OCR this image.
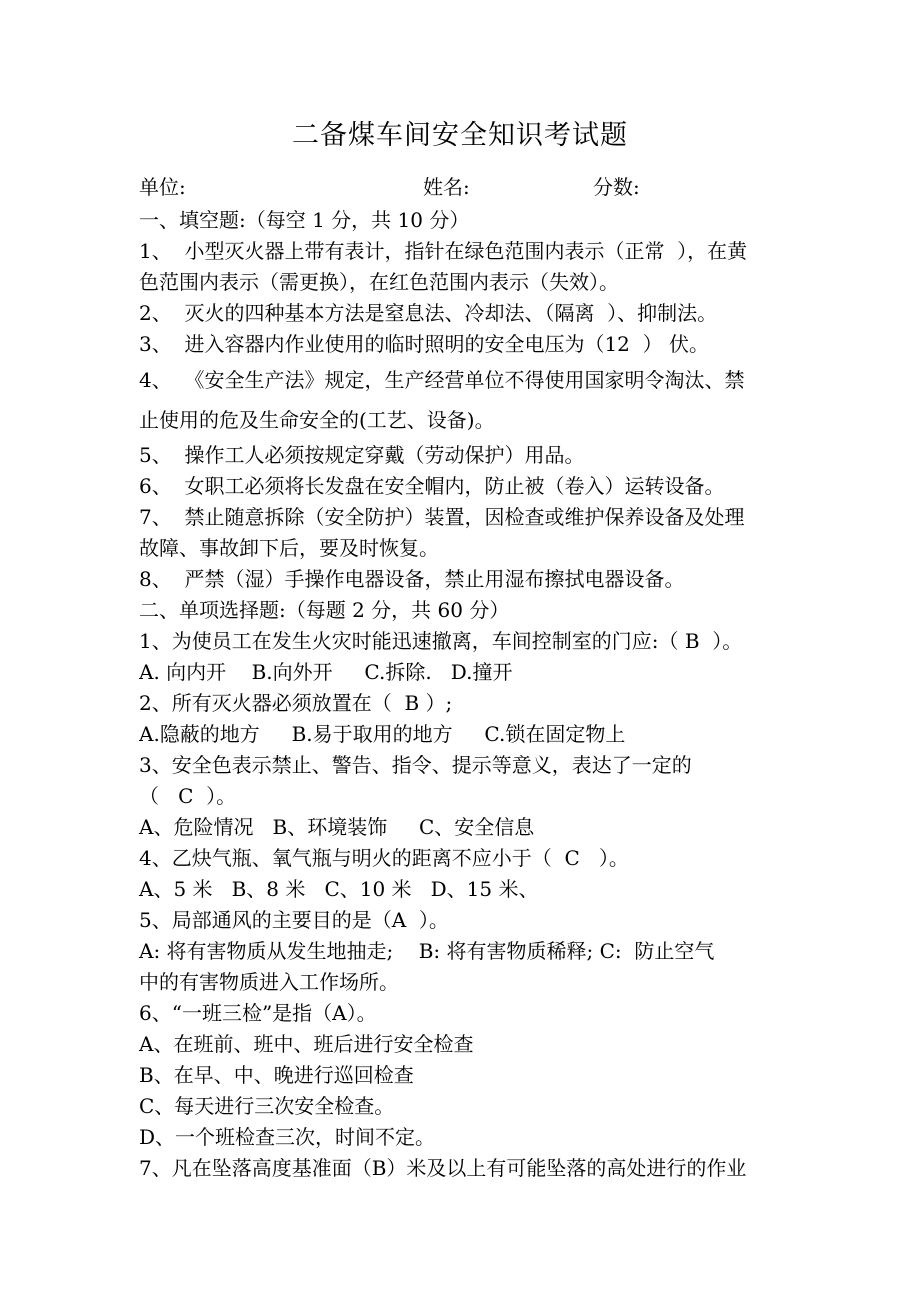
二备煤车间安全知识考试题
单位:	姓名:	分数:
一、填空题:（每空 1 分，共 10 分）
1、  小型灭火器上带有表计，指针在绿色范围内表示（正常  ），在黄
色范围内表示（需更换），在红色范围内表示（失效）。
2、  灭火的四种基本方法是窒息法、冷却法、（隔离  ）、抑制法。
3、  进入容器内作业使用的临时照明的安全电压为（12  ） 伏。
4、  《安全生产法》规定，生产经营单位不得使用国家明令淘汰、禁
止使用的危及生命安全的(工艺、设备)。
5、  操作工人必须按规定穿戴（劳动保护）用品。
6、  女职工必须将长发盘在安全帽内，防止被（卷入）运转设备。
7、  禁止随意拆除（安全防护）装置，因检查或维护保养设备及处理
故障、事故卸下后，要及时恢复。
8、  严禁（湿）手操作电器设备，禁止用湿布擦拭电器设备。
二、单项选择题:（每题 2 分，共 60 分）
1、为使员工在发生火灾时能迅速撤离，车间控制室的门应:（ B  ）。
A. 向内开    B.向外开     C.拆除.   D.撞开
2、所有灭火器必须放置在（  B ）;
A.隐蔽的地方     B.易于取用的地方     C.锁在固定物上
3、安全色表示禁止、警告、指令、提示等意义，表达了一定的
（   C  ）。
A、危险情况   B、环境装饰     C、安全信息
4、乙炔气瓶、氧气瓶与明火的距离不应小于（  C   ）。
A、5 米   B、8 米   C、10 米   D、15 米、
5、局部通风的主要目的是（A  ）。
A: 将有害物质从发生地抽走;    B: 将有害物质稀释; C:  防止空气
中的有害物质进入工作场所。
6、“一班三检”是指（A）。
A、在班前、班中、班后进行安全检查
B、在早、中、晚进行巡回检查
C、每天进行三次安全检查。
D、一个班检查三次，时间不定。
7、凡在坠落高度基准面（B）米及以上有可能坠落的高处进行的作业
